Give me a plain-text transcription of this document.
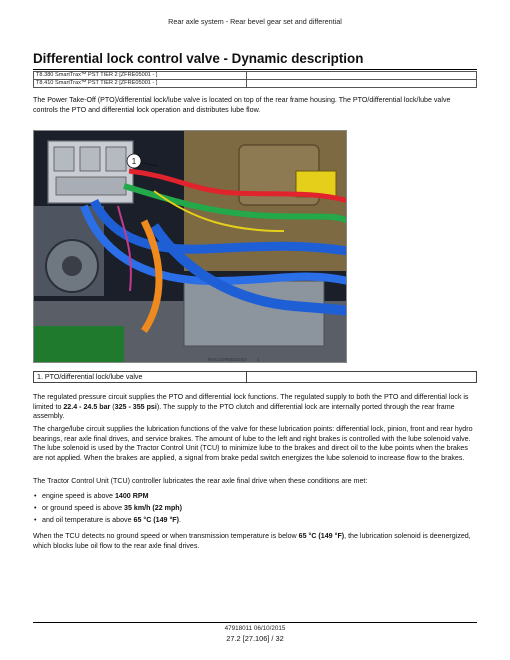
Rear axle system - Rear bevel gear set and differential
Differential lock control valve - Dynamic description
T8.380 SmartTrax™ PST TIER 2 [ZFRE05001 - ]	
T8.410 SmartTrax™ PST TIER 2 [ZFRE05001 - ]	

The Power Take-Off (PTO)/differential lock/lube valve is located on top of the rear frame housing. The PTO/differential lock/lube valve controls the PTO and differential lock operation and distributes lube flow.

1
RAIL14TR00412GA 1
1. PTO/differential lock/lube valve	

The regulated pressure circuit supplies the PTO and differential lock functions. The regulated supply to both the PTO and differential lock is limited to 22.4 - 24.5 bar (325 - 355 psi). The supply to the PTO clutch and differential lock are internally ported through the rear frame assembly.

The charge/lube circuit supplies the lubrication functions of the valve for these lubrication points: differential lock, pinion, front and rear hydro bearings, rear axle final drives, and service brakes. The amount of lube to the left and right brakes is controlled with the lube solenoid valve. The lube solenoid is used by the Tractor Control Unit (TCU) to minimize lube to the brakes and direct oil to the lube points when the brakes are not applied. When the brakes are applied, a signal from brake pedal switch energizes the lube solenoid to increase flow to the brakes.

The Tractor Control Unit (TCU) controller lubricates the rear axle final drive when these conditions are met:

• engine speed is above 1400 RPM
• or ground speed is above 35 km/h (22 mph)
• and oil temperature is above 65 °C (149 °F).

When the TCU detects no ground speed or when transmission temperature is below 65 °C (149 °F), the lubrication solenoid is deenergized, which blocks lube oil flow to the rear axle final drives.

47918011 06/10/2015
27.2 [27.106] / 32
